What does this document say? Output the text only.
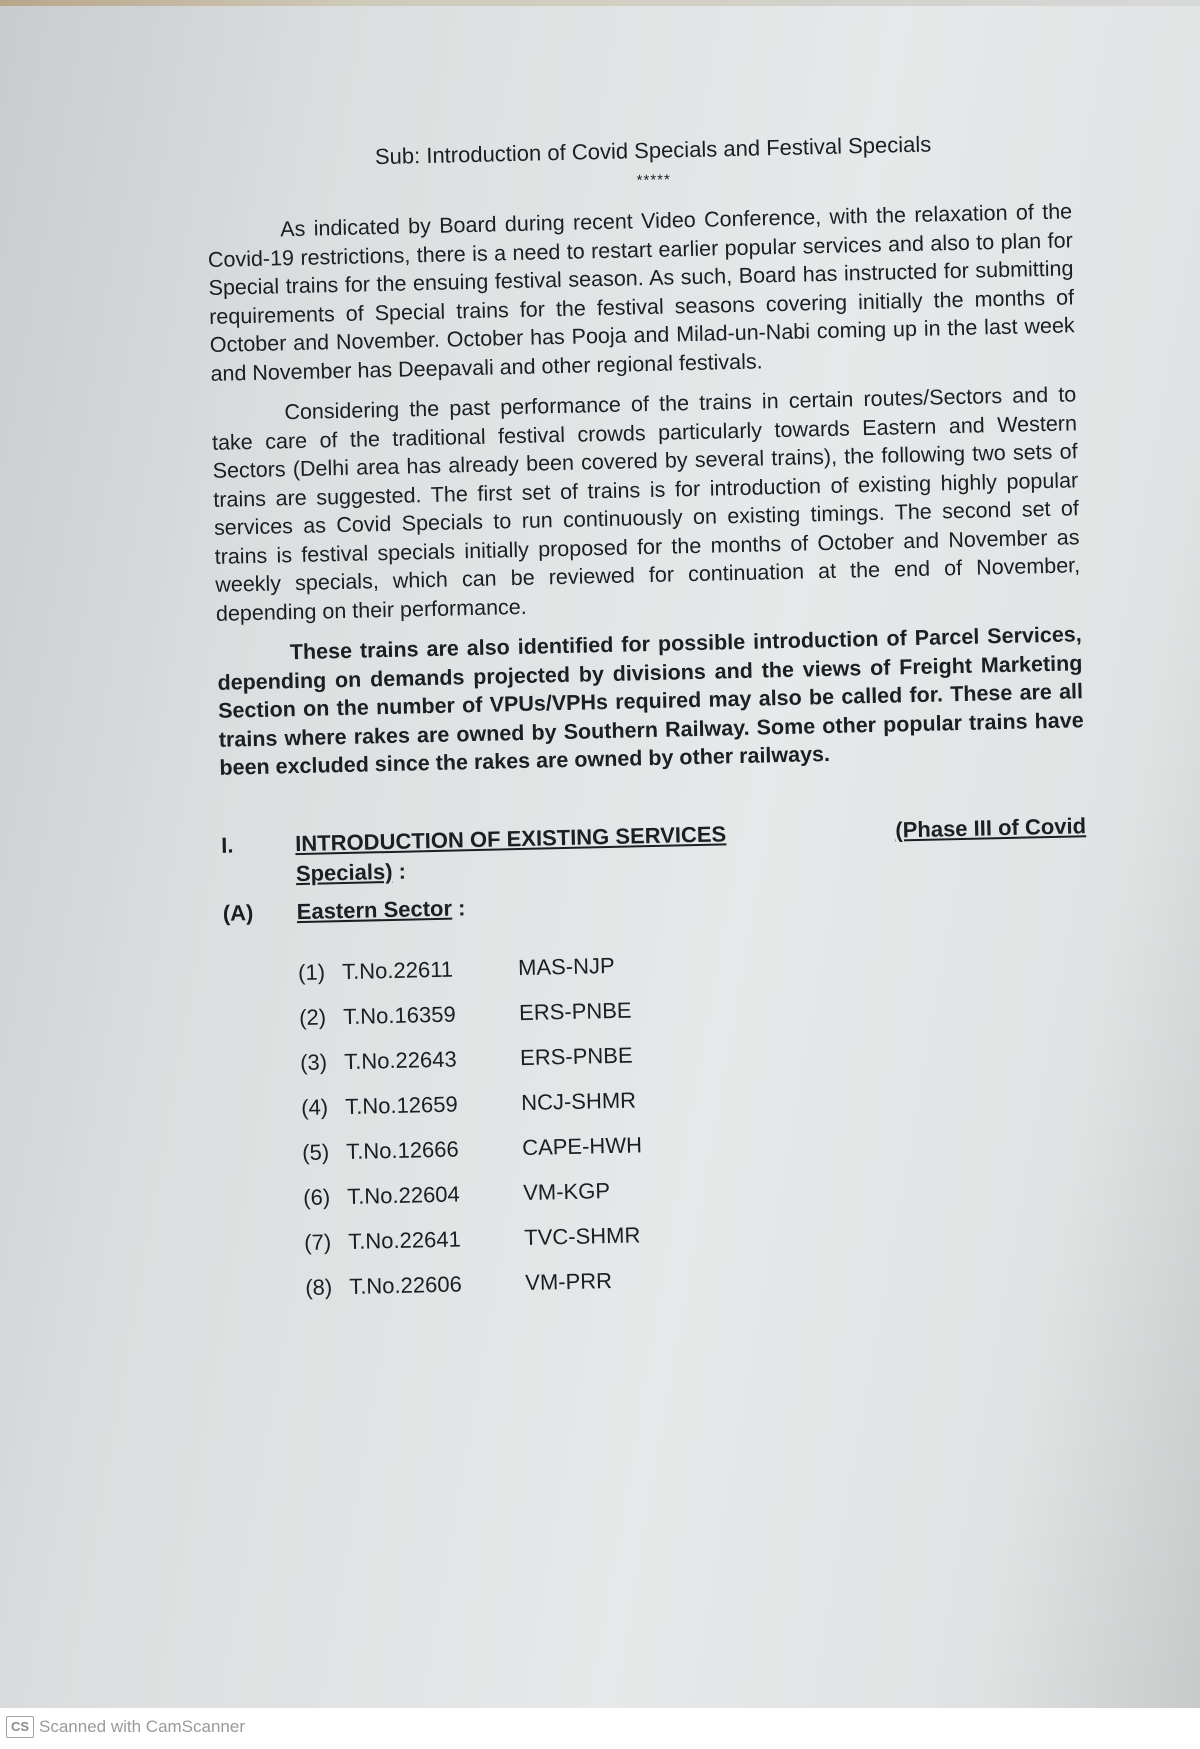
Sub: Introduction of Covid Specials and Festival Specials
*****

As indicated by Board during recent Video Conference, with the relaxation of the Covid-19 restrictions, there is a need to restart earlier popular services and also to plan for Special trains for the ensuing festival season. As such, Board has instructed for submitting requirements of Special trains for the festival seasons covering initially the months of October and November. October has Pooja and Milad-un-Nabi coming up in the last week and November has Deepavali and other regional festivals.

Considering the past performance of the trains in certain routes/Sectors and to take care of the traditional festival crowds particularly towards Eastern and Western Sectors (Delhi area has already been covered by several trains), the following two sets of trains are suggested. The first set of trains is for introduction of existing highly popular services as Covid Specials to run continuously on existing timings. The second set of trains is festival specials initially proposed for the months of October and November as weekly specials, which can be reviewed for continuation at the end of November, depending on their performance.

These trains are also identified for possible introduction of Parcel Services, depending on demands projected by divisions and the views of Freight Marketing Section on the number of VPUs/VPHs required may also be called for. These are all trains where rakes are owned by Southern Railway. Some other popular trains have been excluded since the rakes are owned by other railways.

I.	INTRODUCTION OF EXISTING SERVICES	(Phase III of Covid
Specials) :
(A)	Eastern Sector :
(1) T.No.22611	MAS-NJP
(2) T.No.16359	ERS-PNBE
(3) T.No.22643	ERS-PNBE
(4) T.No.12659	NCJ-SHMR
(5) T.No.12666	CAPE-HWH
(6) T.No.22604	VM-KGP
(7) T.No.22641	TVC-SHMR
(8) T.No.22606	VM-PRR
CS Scanned with CamScanner
